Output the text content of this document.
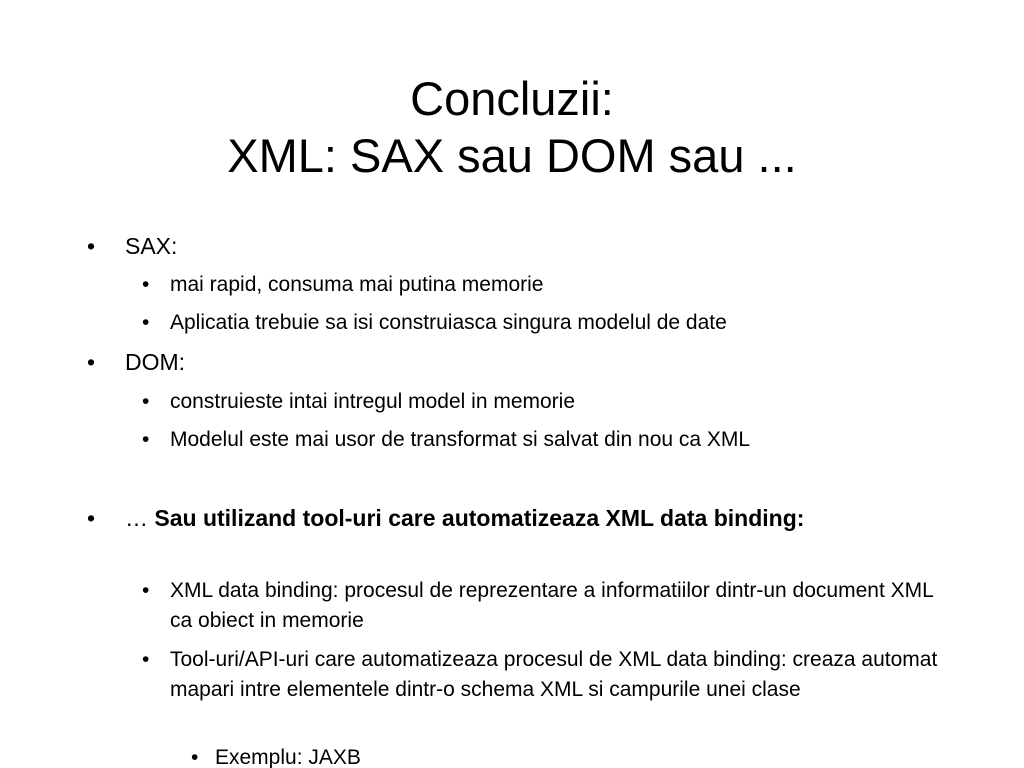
Concluzii:
XML: SAX sau DOM sau ...
• SAX:
• mai rapid, consuma mai putina memorie
• Aplicatia trebuie sa isi construiasca singura modelul de date
• DOM:
• construieste intai intregul model in memorie
• Modelul este mai usor de transformat si salvat din nou ca XML
• … Sau utilizand tool-uri care automatizeaza XML data binding:
• XML data binding: procesul de reprezentare a informatiilor dintr-un document XML ca obiect in memorie
• Tool-uri/API-uri care automatizeaza procesul de XML data binding: creaza automat mapari intre elementele dintr-o schema XML si campurile unei clase
• Exemplu: JAXB
